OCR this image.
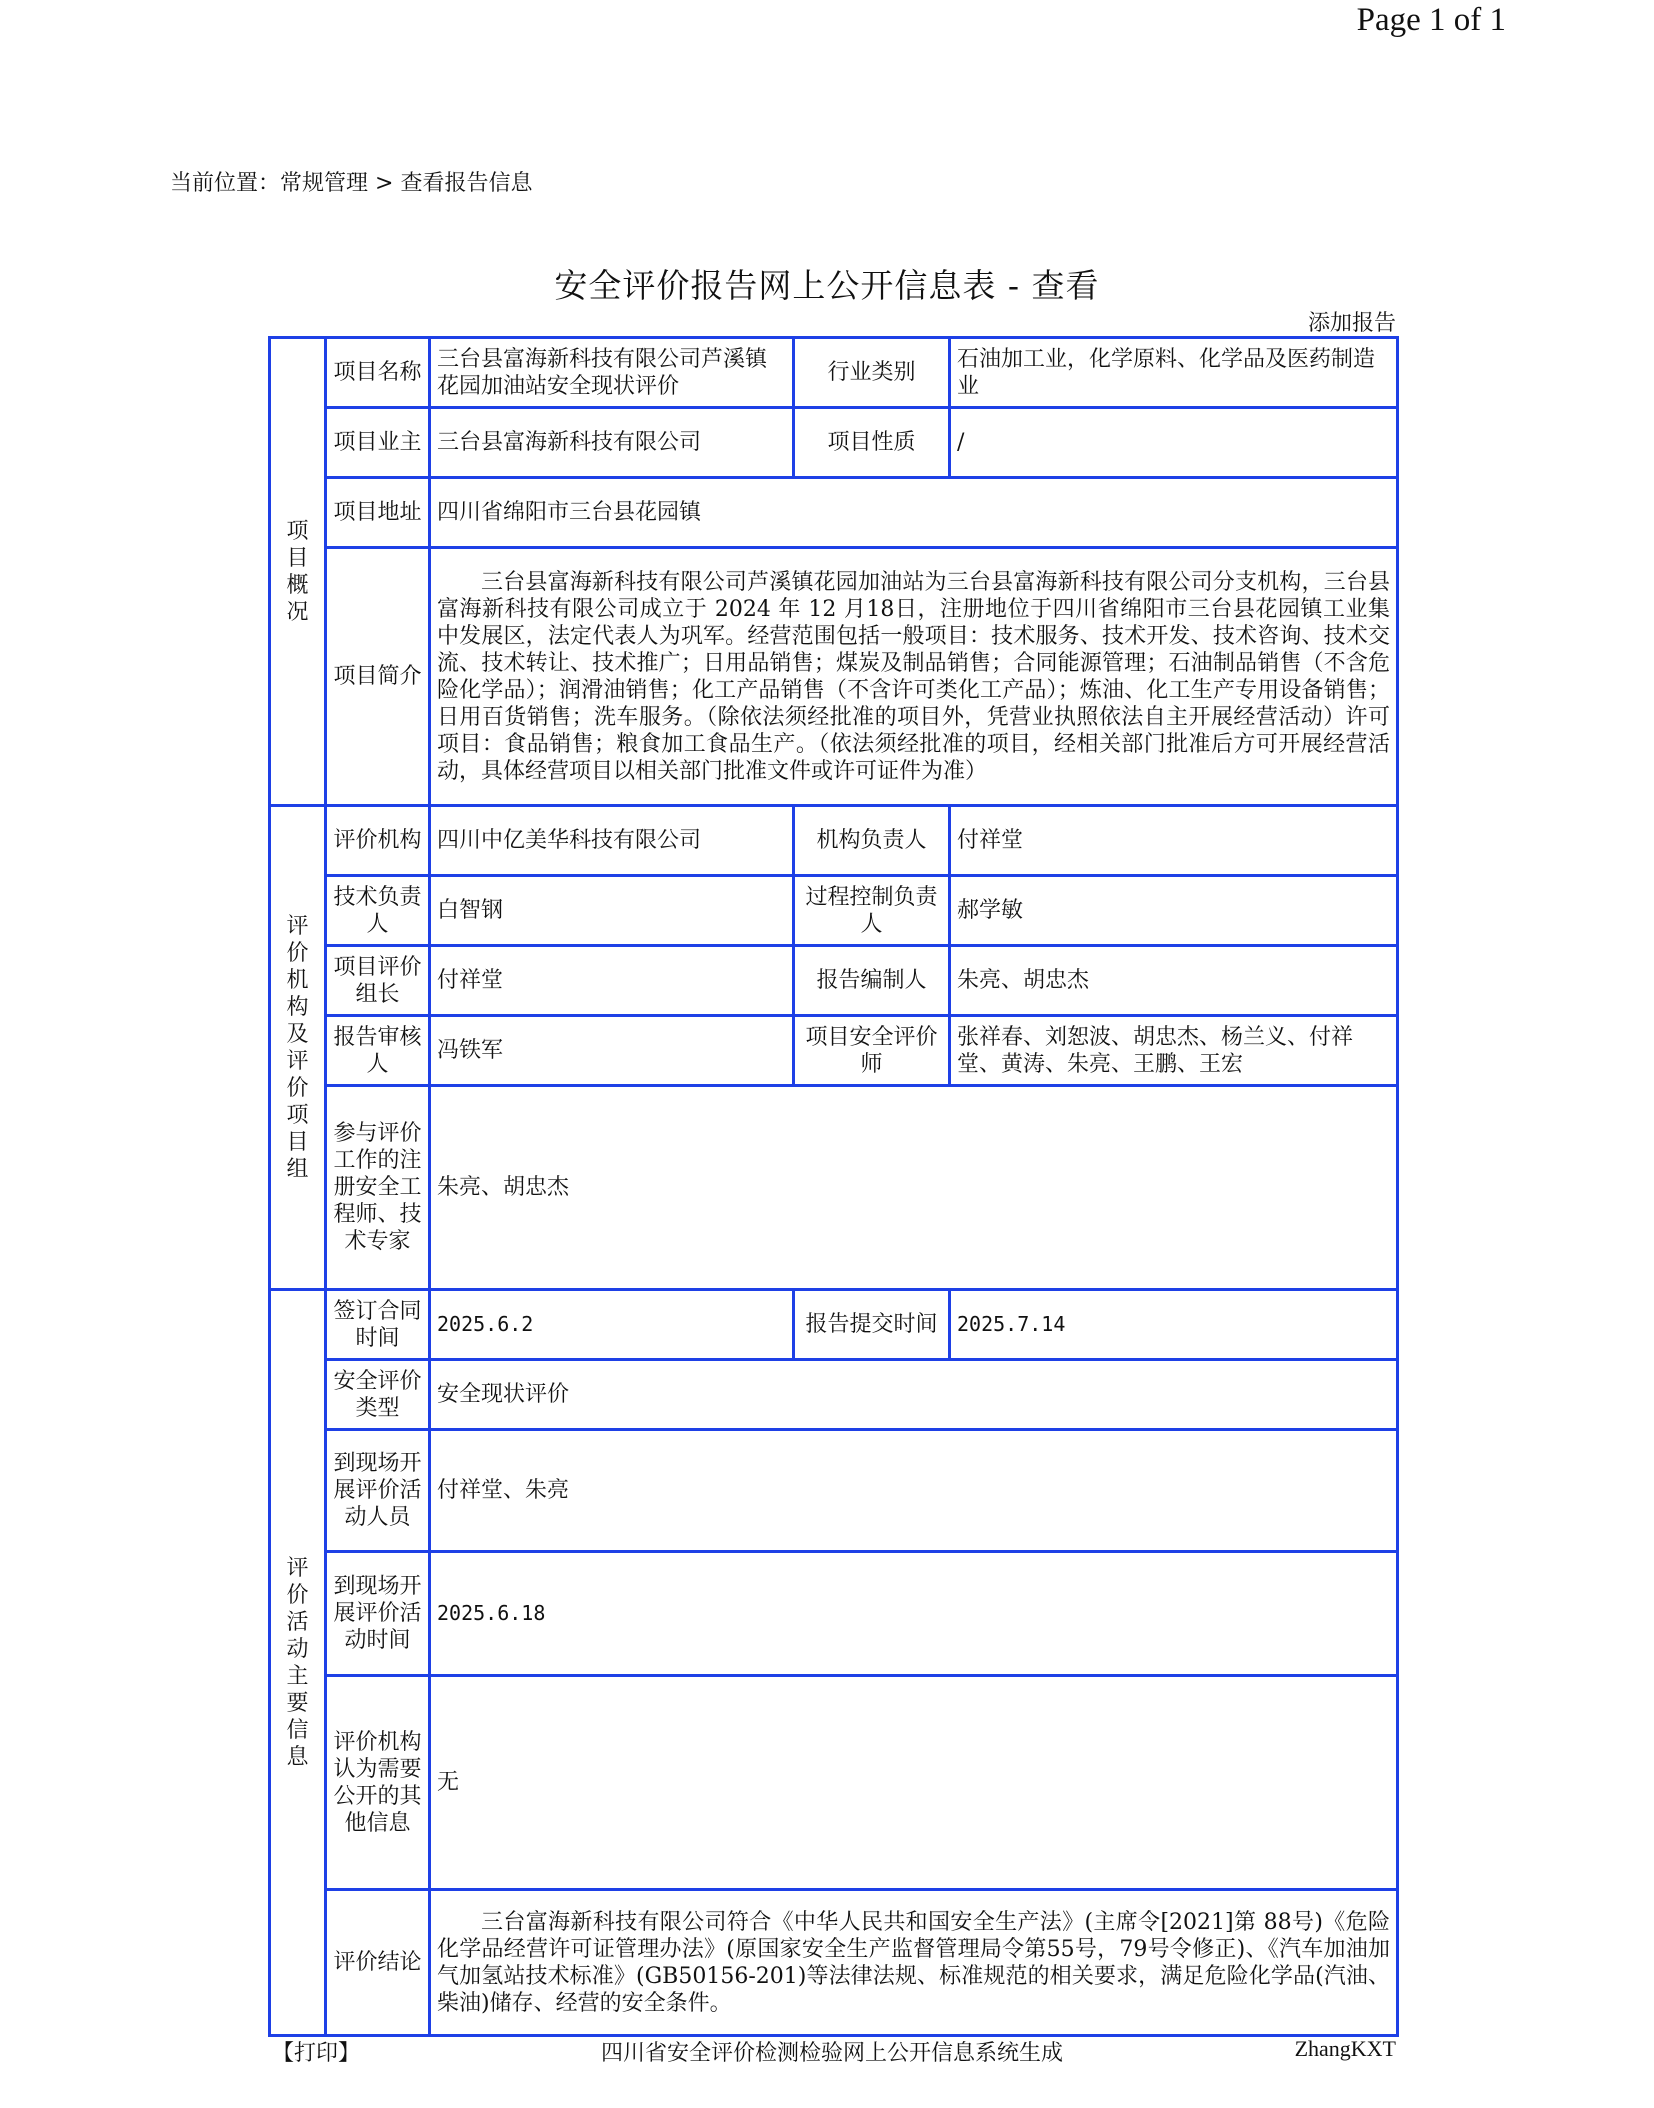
Page 1 of 1
当前位置：常规管理 > 查看报告信息
安全评价报告网上公开信息表 - 查看
添加报告
项目概况	项目名称	三台县富海新科技有限公司芦溪镇花园加油站安全现状评价	行业类别	石油加工业，化学原料、化学品及医药制造业
	项目业主	三台县富海新科技有限公司	项目性质	/
	项目地址	四川省绵阳市三台县花园镇		
	项目简介	三台县富海新科技有限公司芦溪镇花园加油站为三台县富海新科技有限公司分支机构，三台县富海新科技有限公司成立于 2024 年 12 月18日，注册地位于四川省绵阳市三台县花园镇工业集中发展区，法定代表人为巩军。经营范围包括一般项目：技术服务、技术开发、技术咨询、技术交流、技术转让、技术推广；日用品销售；煤炭及制品销售；合同能源管理；石油制品销售（不含危险化学品）；润滑油销售；化工产品销售（不含许可类化工产品）；炼油、化工生产专用设备销售；日用百货销售；洗车服务。（除依法须经批准的项目外，凭营业执照依法自主开展经营活动）许可项目：食品销售；粮食加工食品生产。（依法须经批准的项目，经相关部门批准后方可开展经营活动，具体经营项目以相关部门批准文件或许可证件为准）		

评价机构及评价项目组	评价机构	四川中亿美华科技有限公司	机构负责人	付祥堂
	技术负责人	白智钢	过程控制负责人	郝学敏
	项目评价组长	付祥堂	报告编制人	朱亮、胡忠杰
	报告审核人	冯铁军	项目安全评价师	张祥春、刘恕波、胡忠杰、杨兰义、付祥堂、黄涛、朱亮、王鹏、王宏
	参与评价工作的注册安全工程师、技术专家	朱亮、胡忠杰		

评价活动主要信息	签订合同时间	2025.6.2	报告提交时间	2025.7.14
	安全评价类型	安全现状评价		
	到现场开展评价活动人员	付祥堂、朱亮		
	到现场开展评价活动时间	2025.6.18		
	评价机构认为需要公开的其他信息	无		
	评价结论	三台富海新科技有限公司符合《中华人民共和国安全生产法》(主席令[2021]第 88号)《危险化学品经营许可证管理办法》(原国家安全生产监督管理局令第55号，79号令修正)、《汽车加油加气加氢站技术标准》(GB50156-201)等法律法规、标准规范的相关要求，满足危险化学品(汽油、柴油)储存、经营的安全条件。		

【打印】	四川省安全评价检测检验网上公开信息系统生成	ZhangKXT
